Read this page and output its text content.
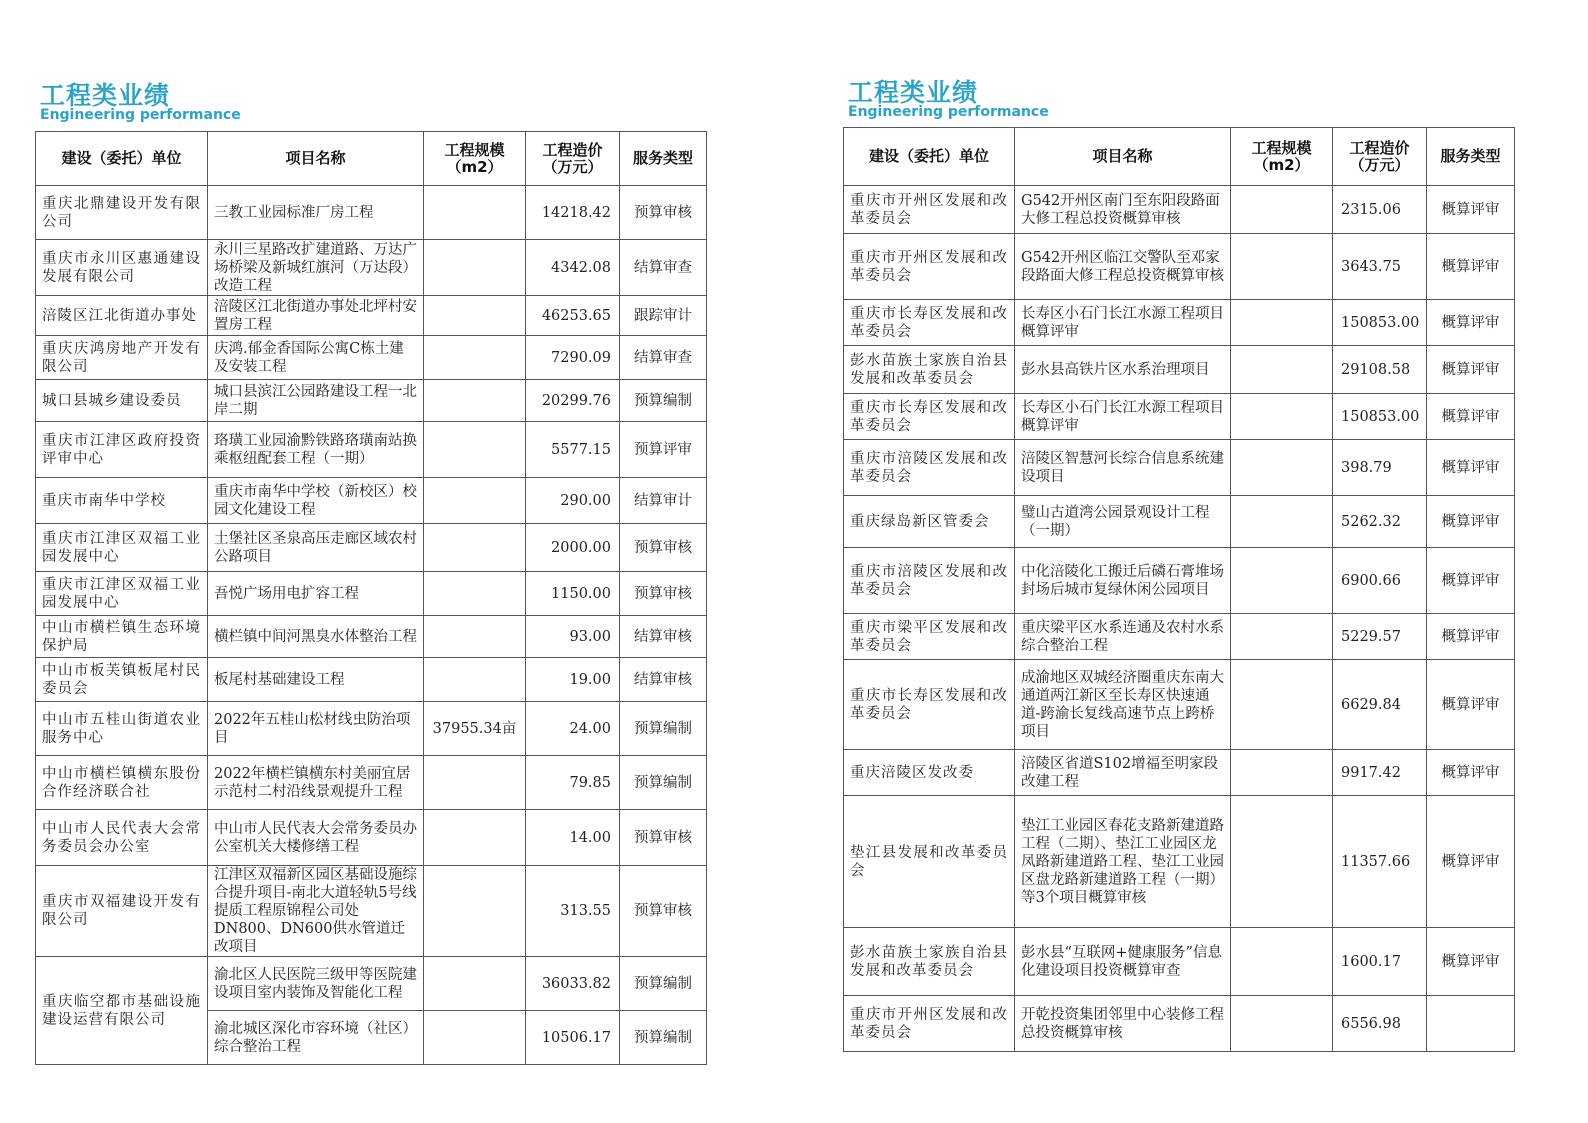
工程类业绩
Engineering performance
建设（委托）单位	项目名称	工程规模（m2）	工程造价（万元）	服务类型
重庆北鼎建设开发有限公司	三教工业园标准厂房工程		14218.42	预算审核
重庆市永川区惠通建设发展有限公司	永川三星路改扩建道路、万达广场桥梁及新城红旗河（万达段）改造工程		4342.08	结算审查
涪陵区江北街道办事处	涪陵区江北街道办事处北坪村安置房工程		46253.65	跟踪审计
重庆庆鸿房地产开发有限公司	庆鸿.郁金香国际公寓C栋土建及安装工程		7290.09	结算审查
城口县城乡建设委员	城口县滨江公园路建设工程一北岸二期		20299.76	预算编制
重庆市江津区政府投资评审中心	珞璜工业园渝黔铁路珞璜南站换乘枢纽配套工程（一期）		5577.15	预算评审
重庆市南华中学校	重庆市南华中学校（新校区）校园文化建设工程		290.00	结算审计
重庆市江津区双福工业园发展中心	土堡社区圣泉高压走廊区域农村公路项目		2000.00	预算审核
重庆市江津区双福工业园发展中心	吾悦广场用电扩容工程		1150.00	预算审核
中山市横栏镇生态环境保护局	横栏镇中间河黑臭水体整治工程		93.00	结算审核
中山市板芙镇板尾村民委员会	板尾村基础建设工程		19.00	结算审核
中山市五桂山街道农业服务中心	2022年五桂山松材线虫防治项目	37955.34亩	24.00	预算编制
中山市横栏镇横东股份合作经济联合社	2022年横栏镇横东村美丽宜居示范村二村沿线景观提升工程		79.85	预算编制
中山市人民代表大会常务委员会办公室	中山市人民代表大会常务委员办公室机关大楼修缮工程		14.00	预算审核
重庆市双福建设开发有限公司	江津区双福新区园区基础设施综合提升项目-南北大道轻轨5号线提质工程原锦程公司处DN800、DN600供水管道迁改项目		313.55	预算审核
重庆临空都市基础设施建设运营有限公司	渝北区人民医院三级甲等医院建设项目室内装饰及智能化工程		36033.82	预算编制
	渝北城区深化市容环境（社区）综合整治工程		10506.17	预算编制
工程类业绩
Engineering performance
建设（委托）单位	项目名称	工程规模（m2）	工程造价（万元）	服务类型
重庆市开州区发展和改革委员会	G542开州区南门至东阳段路面大修工程总投资概算审核		2315.06	概算评审
重庆市开州区发展和改革委员会	G542开州区临江交警队至邓家段路面大修工程总投资概算审核		3643.75	概算评审
重庆市长寿区发展和改革委员会	长寿区小石门长江水源工程项目概算评审		150853.00	概算评审
彭水苗族土家族自治县发展和改革委员会	彭水县高铁片区水系治理项目		29108.58	概算评审
重庆市长寿区发展和改革委员会	长寿区小石门长江水源工程项目概算评审		150853.00	概算评审
重庆市涪陵区发展和改革委员会	涪陵区智慧河长综合信息系统建设项目		398.79	概算评审
重庆绿岛新区管委会	璧山古道湾公园景观设计工程（一期）		5262.32	概算评审
重庆市涪陵区发展和改革委员会	中化涪陵化工搬迁后磷石膏堆场封场后城市复绿休闲公园项目		6900.66	概算评审
重庆市梁平区发展和改革委员会	重庆梁平区水系连通及农村水系综合整治工程		5229.57	概算评审
重庆市长寿区发展和改革委员会	成渝地区双城经济圈重庆东南大通道两江新区至长寿区快速通道-跨渝长复线高速节点上跨桥项目		6629.84	概算评审
重庆涪陵区发改委	涪陵区省道S102增福至明家段改建工程		9917.42	概算评审
垫江县发展和改革委员会	垫江工业园区春花支路新建道路工程（二期）、垫江工业园区龙凤路新建道路工程、垫江工业园区盘龙路新建道路工程（一期）等3个项目概算审核		11357.66	概算评审
彭水苗族土家族自治县发展和改革委员会	彭水县“互联网+健康服务”信息化建设项目投资概算审查		1600.17	概算评审
重庆市开州区发展和改革委员会	开乾投资集团邻里中心装修工程总投资概算审核		6556.98	
